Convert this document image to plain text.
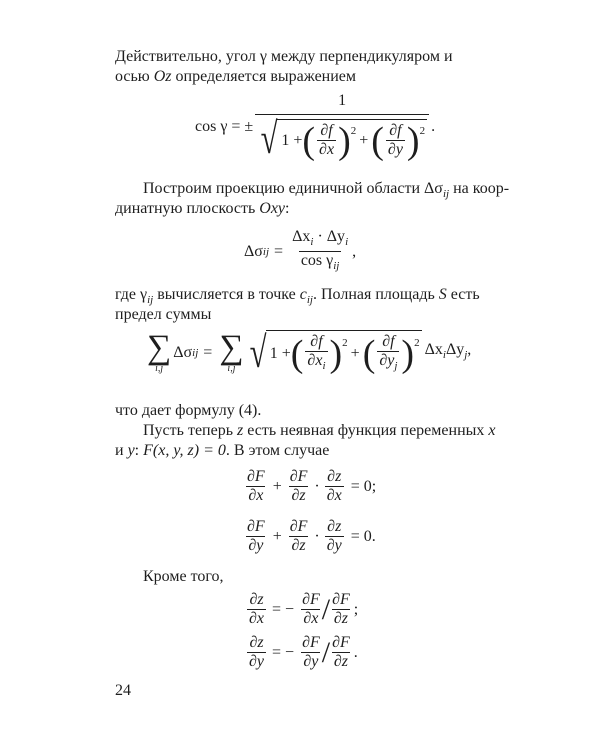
Действительно, угол γ между перпендикуляром и
осью Oz определяется выражением
cos γ = ±
1
√ 1 + ( ∂f
∂x ) 2
+ ( ∂f
∂y ) 2 .
Построим проекцию единичной области $\Delta\sigma_{ij}$ на коор-
динатную плоскость Oxy:
Δσ ij =
$\Delta x_i \cdot \Delta y_i$
$\cos \gamma_{ij}$
,
где $\gamma_{ij}$ вычисляется в точке $c_{ij}$. Полная площадь S есть
предел суммы
∑
i,j
Δσ ij = ∑
i,j √ 1 + ( ∂f
$\partial x_i$ ) 2
+ ( ∂f
$\partial y_j$ ) 2 $\Delta x_i\Delta y_j$,
что дает формулу (4).
Пусть теперь z есть неявная функция переменных x
и y: F(x, y, z) = 0. В этом случае
∂F
∂x
+ $\frac{\partial F}{\partial z} \cdot \frac{\partial z}{\partial x} = 0$;
∂F
∂y
+ $\frac{\partial F}{\partial z} \cdot \frac{\partial z}{\partial y} = 0$.
Кроме того,
$\frac{\partial z}{\partial x}$ = − $\frac{\partial F}{\partial x} / \partial F$
∂z
;
$\frac{\partial z}{\partial y}$ = − $\frac{\partial F}{\partial y} / \partial F$
∂z
.
24
